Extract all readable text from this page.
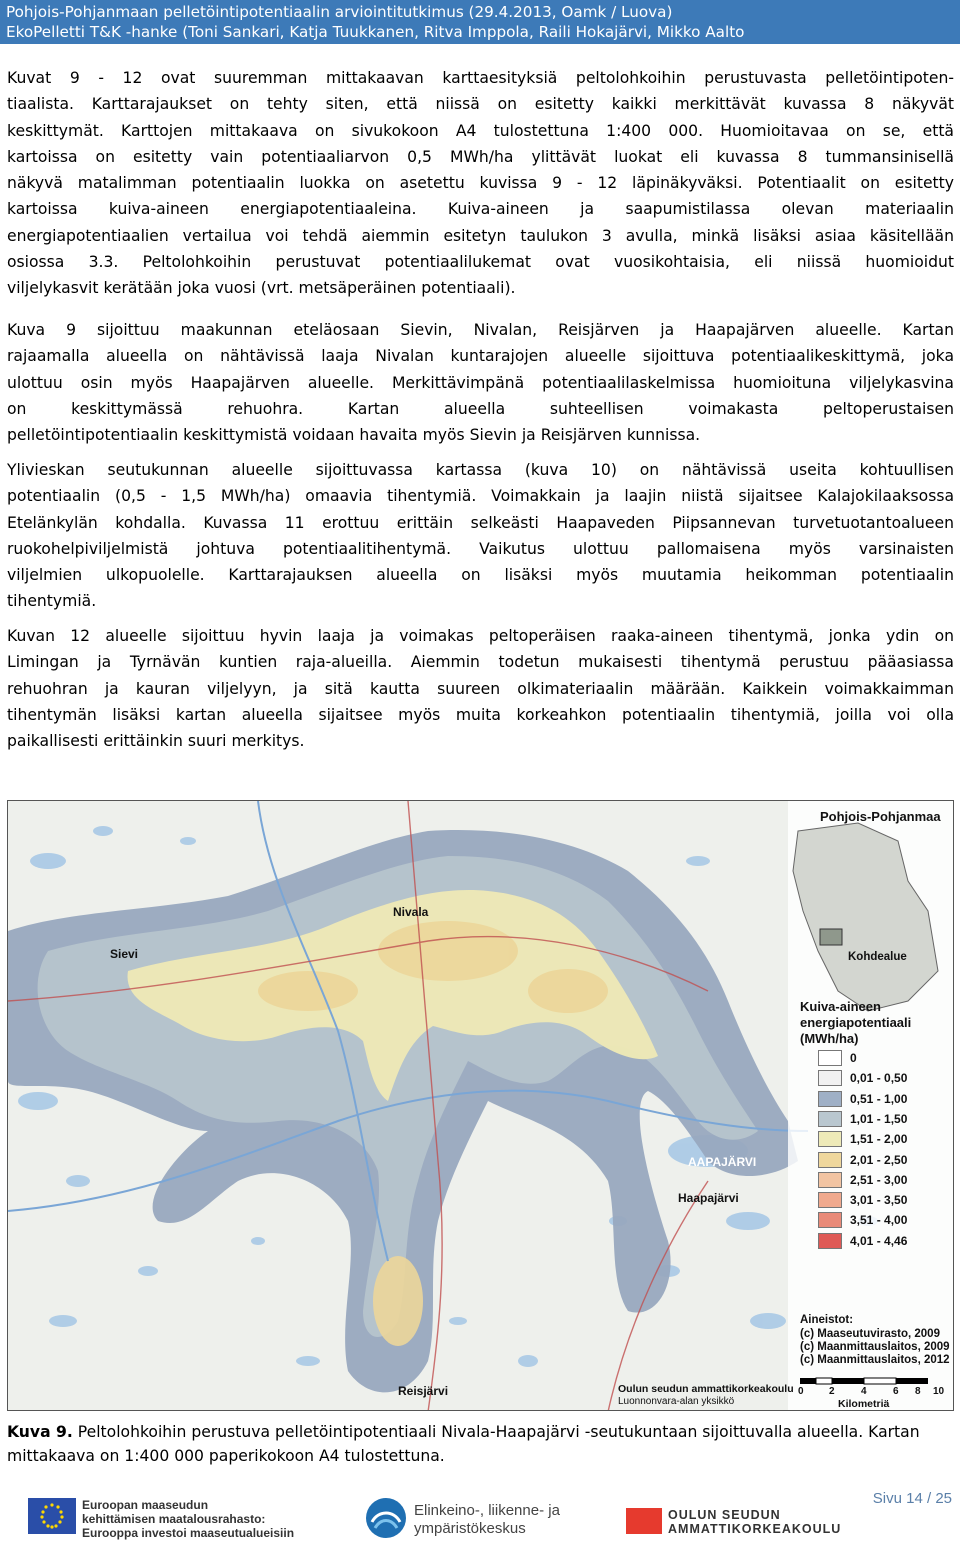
Pohjois-Pohjanmaan pelletöintipotentiaalin arviointitutkimus (29.4.2013, Oamk / Luova)
EkoPelletti T&K -hanke (Toni Sankari, Katja Tuukkanen, Ritva Imppola, Raili Hokajärvi, Mikko Aalto
Kuvat 9 - 12 ovat suuremman mittakaavan karttaesityksiä peltolohkoihin perustuvasta pelletöintipoten-
tiaalista. Karttarajaukset on tehty siten, että niissä on esitetty kaikki merkittävät kuvassa 8 näkyvät
keskittymät. Karttojen mittakaava on sivukokoon A4 tulostettuna 1:400 000. Huomioitavaa on se, että
kartoissa on esitetty vain potentiaaliarvon 0,5 MWh/ha ylittävät luokat eli kuvassa 8 tummansinisellä
näkyvä matalimman potentiaalin luokka on asetettu kuvissa 9 - 12 läpinäkyväksi. Potentiaalit on esitetty
kartoissa kuiva-aineen energiapotentiaaleina. Kuiva-aineen ja saapumistilassa olevan materiaalin
energiapotentiaalien vertailua voi tehdä aiemmin esitetyn taulukon 3 avulla, minkä lisäksi asiaa käsitellään
osiossa 3.3. Peltolohkoihin perustuvat potentiaalilukemat ovat vuosikohtaisia, eli niissä huomioidut
viljelykasvit kerätään joka vuosi (vrt. metsäperäinen potentiaali).
Kuva 9 sijoittuu maakunnan eteläosaan Sievin, Nivalan, Reisjärven ja Haapajärven alueelle. Kartan
rajaamalla alueella on nähtävissä laaja Nivalan kuntarajojen alueelle sijoittuva potentiaalikeskittymä, joka
ulottuu osin myös Haapajärven alueelle. Merkittävimpänä potentiaalilaskelmissa huomioituna viljelykasvina
on keskittymässä rehuohra. Kartan alueella suhteellisen voimakasta peltoperustaisen
pelletöintipotentiaalin keskittymistä voidaan havaita myös Sievin ja Reisjärven kunnissa.
Ylivieskan seutukunnan alueelle sijoittuvassa kartassa (kuva 10) on nähtävissä useita kohtuullisen
potentiaalin (0,5 - 1,5 MWh/ha) omaavia tihentymiä. Voimakkain ja laajin niistä sijaitsee Kalajokilaaksossa
Etelänkylän kohdalla. Kuvassa 11 erottuu erittäin selkeästi Haapaveden Piipsannevan turvetuotantoalueen
ruokohelpiviljelmistä johtuva potentiaalitihentymä. Vaikutus ulottuu pallomaisena myös varsinaisten
viljelmien ulkopuolelle. Karttarajauksen alueella on lisäksi myös muutamia heikomman potentiaalin
tihentymiä.
Kuvan 12 alueelle sijoittuu hyvin laaja ja voimakas peltoperäisen raaka-aineen tihentymä, jonka ydin on
Limingan ja Tyrnävän kuntien raja-alueilla. Aiemmin todetun mukaisesti tihentymä perustuu pääasiassa
rehuohran ja kauran viljelyyn, ja sitä kautta suureen olkimateriaalin määrään. Kaikkein voimakkaimman
tihentymän lisäksi kartan alueella sijaitsee myös muita korkeahkon potentiaalin tihentymiä, joilla voi olla
paikallisesti erittäinkin suuri merkitys.
Nivala
Sievi
Haapajärvi
Reisjärvi
AAPAJÄRVI
Pohjois-Pohjanmaa
Kohdealue
Kuiva-aineen
energiapotentiaali
(MWh/ha)
0
0,01 - 0,50
0,51 - 1,00
1,01 - 1,50
1,51 - 2,00
2,01 - 2,50
2,51 - 3,00
3,01 - 3,50
3,51 - 4,00
4,01 - 4,46
Aineistot:
(c) Maaseutuvirasto, 2009
(c) Maanmittauslaitos, 2009
(c) Maanmittauslaitos, 2012
0	2	4	6 8 10
Kilometriä
Oulun seudun ammattikorkeakoulu
Luonnonvara-alan yksikkö
Kuva 9. Peltolohkoihin perustuva pelletöintipotentiaali Nivala-Haapajärvi -seutukuntaan sijoittuvalla alueella. Kartan
mittakaava on 1:400 000 paperikokoon A4 tulostettuna.
Euroopan maaseudun
kehittämisen maatalousrahasto:
Eurooppa investoi maaseutualueisiin
Elinkeino-, liikenne- ja
ympäristökeskus
OULUN SEUDUN
AMMATTIKORKEAKOULU
Sivu 14 / 25
